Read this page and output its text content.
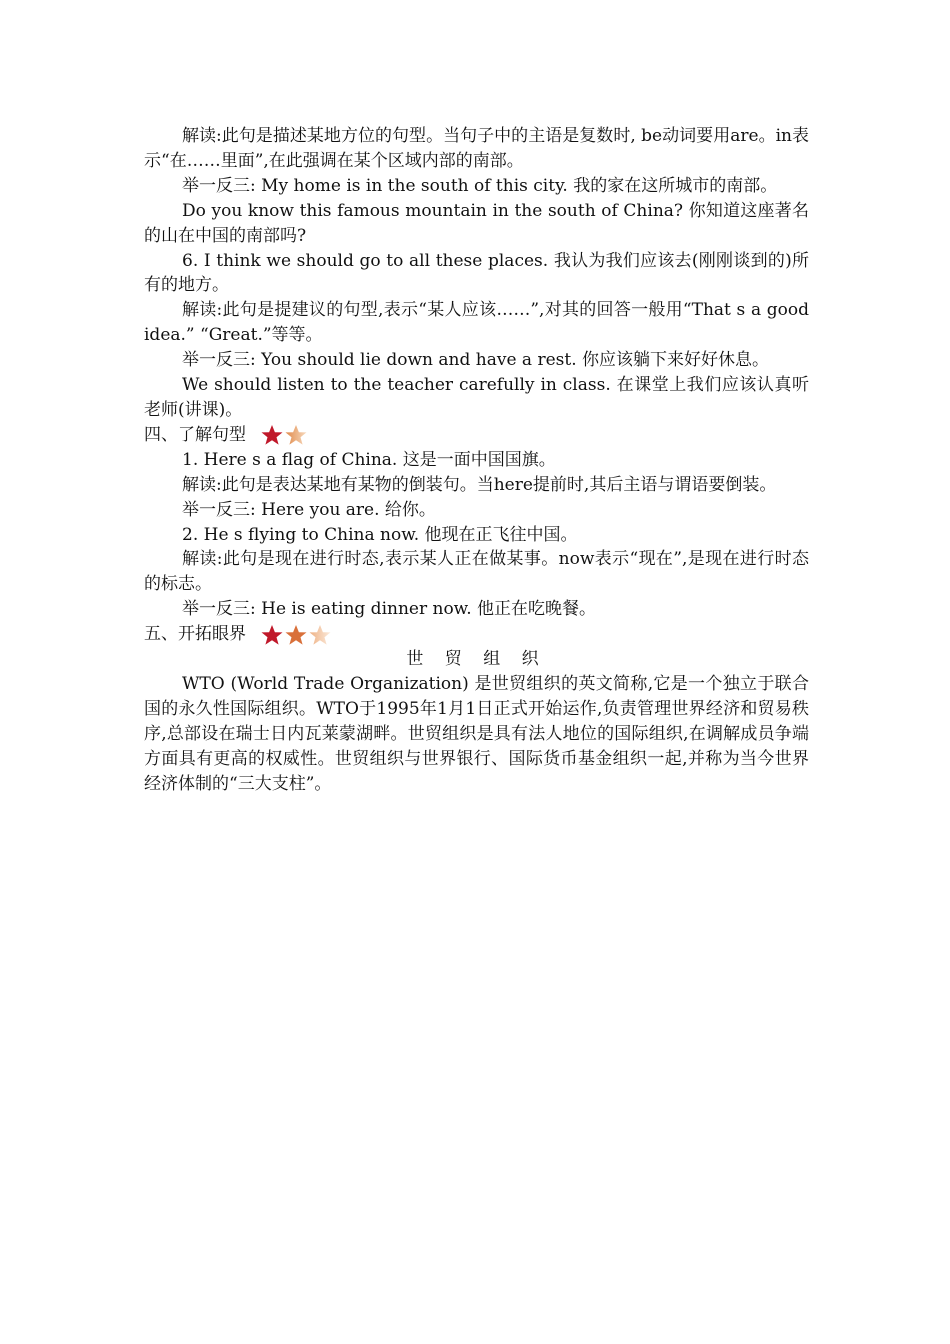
解读:此句是描述某地方位的句型。当句子中的主语是复数时, be动词要用are。in表示“在……里面”,在此强调在某个区域内部的南部。

举一反三: My home is in the south of this city. 我的家在这所城市的南部。

Do you know this famous mountain in the south of China? 你知道这座著名的山在中国的南部吗?

6. I think we should go to all these places. 我认为我们应该去(刚刚谈到的)所有的地方。

解读:此句是提建议的句型,表示“某人应该……”,对其的回答一般用“That s a good idea.” “Great.”等等。

举一反三: You should lie down and have a rest. 你应该躺下来好好休息。

We should listen to the teacher carefully in class. 在课堂上我们应该认真听老师(讲课)。

四、了解句型

1. Here s a flag of China. 这是一面中国国旗。

解读:此句是表达某地有某物的倒装句。当here提前时,其后主语与谓语要倒装。

举一反三: Here you are. 给你。

2. He s flying to China now. 他现在正飞往中国。

解读:此句是现在进行时态,表示某人正在做某事。now表示“现在”,是现在进行时态的标志。

举一反三: He is eating dinner now. 他正在吃晚餐。

五、开拓眼界

世 贸 组 织

WTO (World Trade Organization) 是世贸组织的英文简称,它是一个独立于联合国的永久性国际组织。WTO于1995年1月1日正式开始运作,负责管理世界经济和贸易秩序,总部设在瑞士日内瓦莱蒙湖畔。世贸组织是具有法人地位的国际组织,在调解成员争端方面具有更高的权威性。世贸组织与世界银行、国际货币基金组织一起,并称为当今世界经济体制的“三大支柱”。
